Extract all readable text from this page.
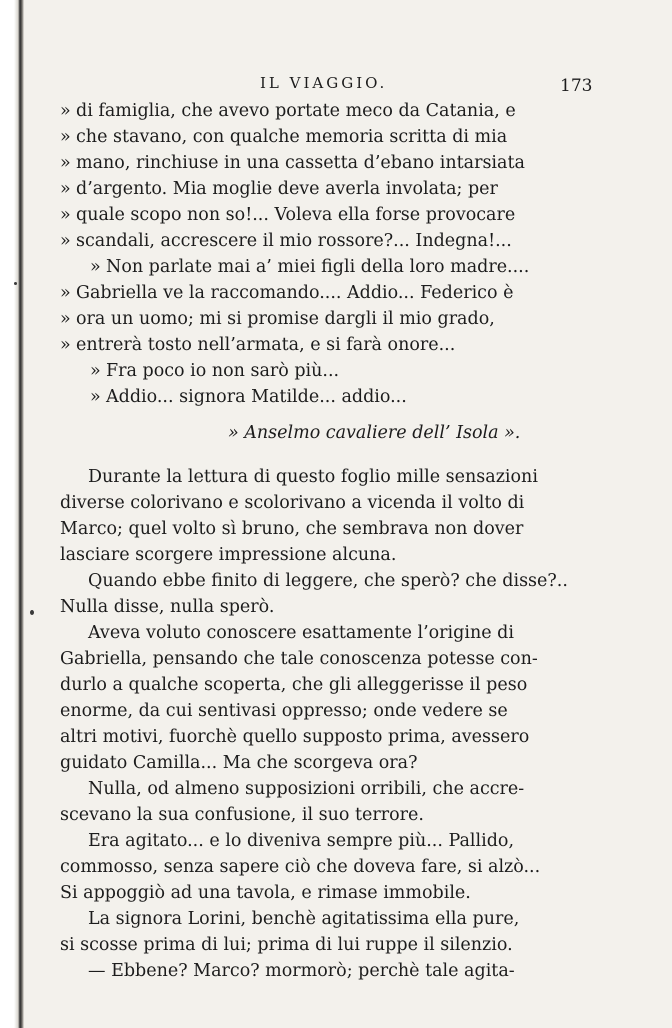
IL VIAGGIO.	173
» di famiglia, che avevo portate meco da Catania, e
» che stavano, con qualche memoria scritta di mia
» mano, rinchiuse in una cassetta d’ebano intarsiata
» d’argento. Mia moglie deve averla involata; per
» quale scopo non so!... Voleva ella forse provocare
» scandali, accrescere il mio rossore?... Indegna!...
» Non parlate mai a’ miei figli della loro madre....
» Gabriella ve la raccomando.... Addio... Federico è
» ora un uomo; mi si promise dargli il mio grado,
» entrerà tosto nell’armata, e si farà onore...
» Fra poco io non sarò più...
» Addio... signora Matilde... addio...
» Anselmo cavaliere dell’ Isola ».
Durante la lettura di questo foglio mille sensazioni
diverse colorivano e scolorivano a vicenda il volto di
Marco; quel volto sì bruno, che sembrava non dover
lasciare scorgere impressione alcuna.
Quando ebbe finito di leggere, che sperò? che disse?..
Nulla disse, nulla sperò.
Aveva voluto conoscere esattamente l’origine di
Gabriella, pensando che tale conoscenza potesse con-
durlo a qualche scoperta, che gli alleggerisse il peso
enorme, da cui sentivasi oppresso; onde vedere se
altri motivi, fuorchè quello supposto prima, avessero
guidato Camilla... Ma che scorgeva ora?
Nulla, od almeno supposizioni orribili, che accre-
scevano la sua confusione, il suo terrore.
Era agitato... e lo diveniva sempre più... Pallido,
commosso, senza sapere ciò che doveva fare, si alzò...
Si appoggiò ad una tavola, e rimase immobile.
La signora Lorini, benchè agitatissima ella pure,
si scosse prima di lui; prima di lui ruppe il silenzio.
— Ebbene? Marco? mormorò; perchè tale agita-
